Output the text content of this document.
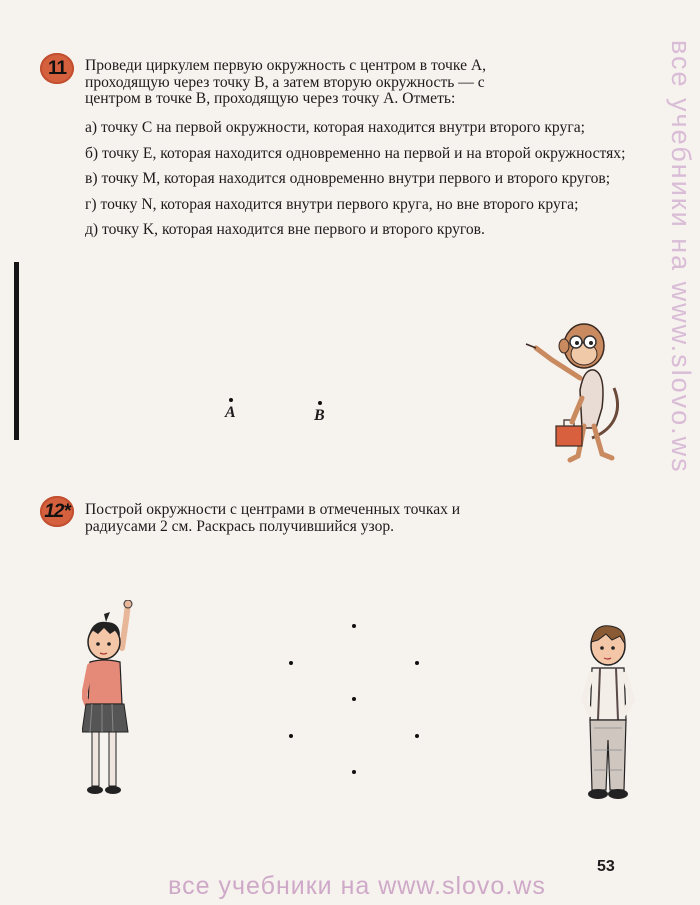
11	Проведи циркулем первую окружность с центром в точке A,

проходящую через точку B, а затем вторую окружность — с

центром в точке B, проходящую через точку A. Отметь:

а) точку C на первой окружности, которая находится внутри второго круга;

б) точку E, которая находится одновременно на первой и на второй окружностях;

в) точку M, которая находится одновременно внутри первого и второго кругов;

г) точку N, которая находится внутри первого круга, но вне второго круга;

д) точку K, которая находится вне первого и второго кругов.

A	B
12* Построй окружности с центрами в отмеченных точках и

радиусами 2 см. Раскрась получившийся узор.

53
все учебники на www.slovo.ws
все учебники на www.slovo.ws
